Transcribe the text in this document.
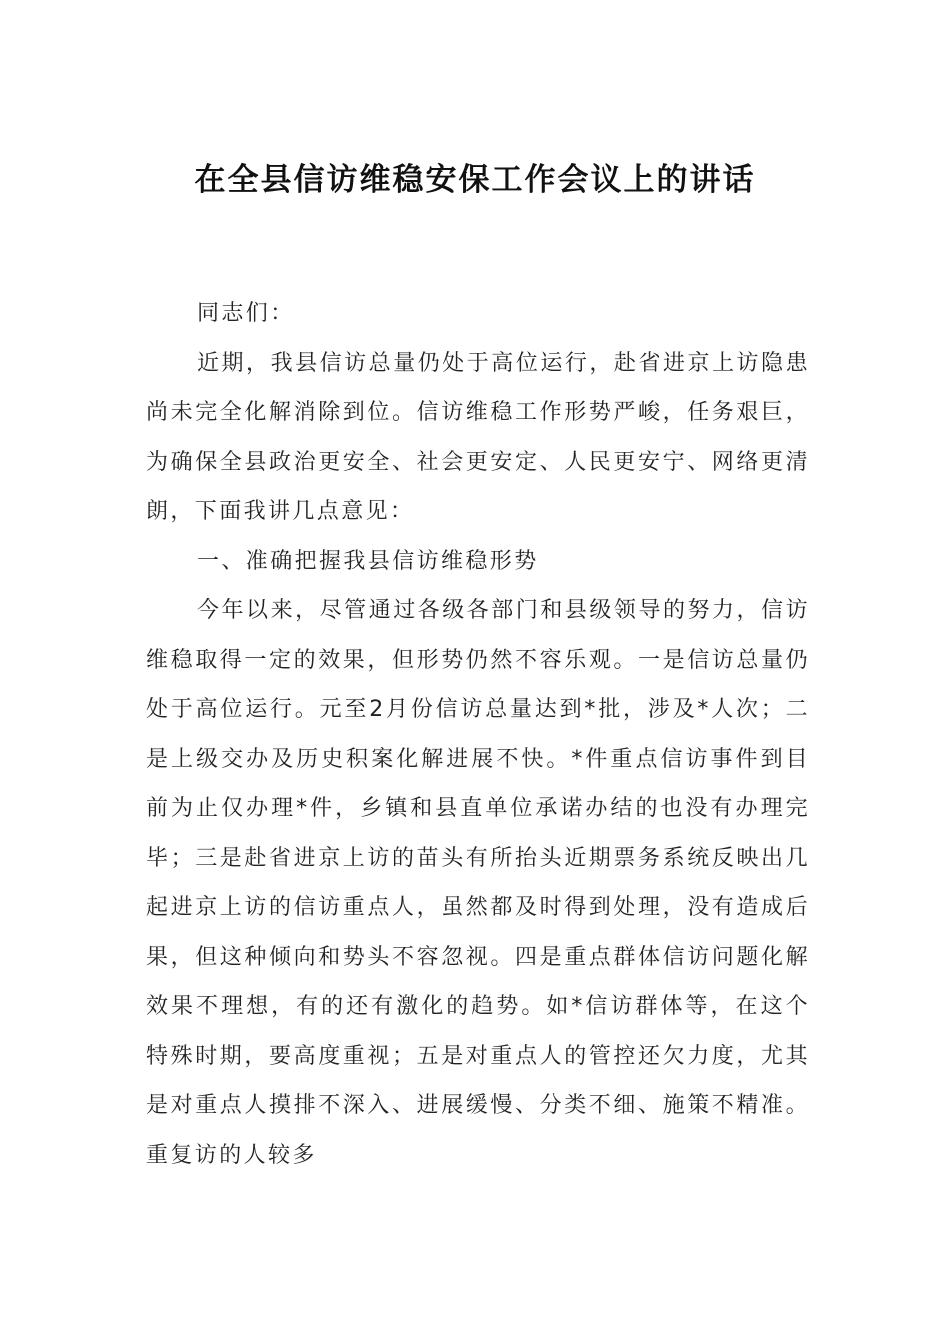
在全县信访维稳安保工作会议上的讲话

同志们：

近期，我县信访总量仍处于高位运行，赴省进京上访隐患尚未完全化解消除到位。信访维稳工作形势严峻，任务艰巨，为确保全县政治更安全、社会更安定、人民更安宁、网络更清朗，下面我讲几点意见：

一、准确把握我县信访维稳形势

今年以来，尽管通过各级各部门和县级领导的努力，信访维稳取得一定的效果，但形势仍然不容乐观。一是信访总量仍处于高位运行。元至2月份信访总量达到*批，涉及*人次；二是上级交办及历史积案化解进展不快。*件重点信访事件到目前为止仅办理*件，乡镇和县直单位承诺办结的也没有办理完毕；三是赴省进京上访的苗头有所抬头近期票务系统反映出几起进京上访的信访重点人，虽然都及时得到处理，没有造成后果，但这种倾向和势头不容忽视。四是重点群体信访问题化解效果不理想，有的还有激化的趋势。如*信访群体等，在这个特殊时期，要高度重视；五是对重点人的管控还欠力度，尤其是对重点人摸排不深入、进展缓慢、分类不细、施策不精准。重复访的人较多
